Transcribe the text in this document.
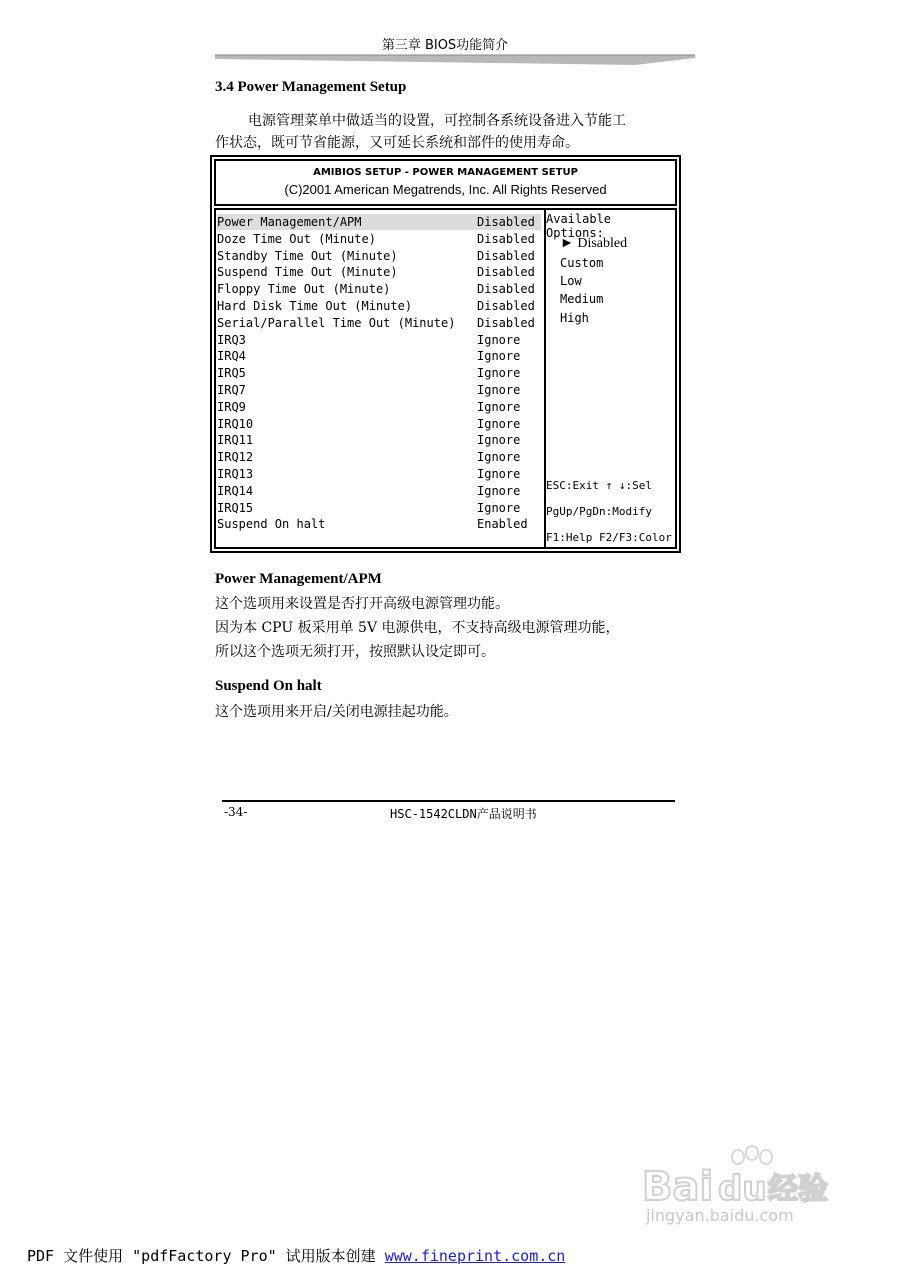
第三章 BIOS功能简介
3.4 Power Management Setup

电源管理菜单中做适当的设置，可控制各系统设备进入节能工

作状态，既可节省能源，又可延长系统和部件的使用寿命。

AMIBIOS SETUP - POWER MANAGEMENT SETUP
(C)2001 American Megatrends, Inc. All Rights Reserved
Power Management/APM	Disabled
Doze Time Out (Minute)	Disabled
Standby Time Out (Minute)	Disabled
Suspend Time Out (Minute)	Disabled
Floppy Time Out (Minute)	Disabled
Hard Disk Time Out (Minute)	Disabled
Serial/Parallel Time Out (Minute) Disabled
IRQ3	Ignore
IRQ4	Ignore
IRQ5	Ignore
IRQ7	Ignore
IRQ9	Ignore
IRQ10	Ignore
IRQ11	Ignore
IRQ12	Ignore
IRQ13	Ignore
IRQ14	Ignore
IRQ15	Ignore
Suspend On halt	Enabled
Available Options:
► Disabled
Custom
Low
Medium
High
ESC:Exit ↑ ↓:Sel
PgUp/PgDn:Modify
F1:Help F2/F3:Color
Power Management/APM
这个选项用来设置是否打开高级电源管理功能。
因为本 CPU 板采用单 5V 电源供电，不支持高级电源管理功能，
所以这个选项无须打开，按照默认设定即可。
Suspend On halt
这个选项用来开启/关闭电源挂起功能。
-34-	HSC-1542CLDN产品说明书
Bai du 经验
jingyan.baidu.com
PDF 文件使用 "pdfFactory Pro" 试用版本创建 www.fineprint.com.cn
